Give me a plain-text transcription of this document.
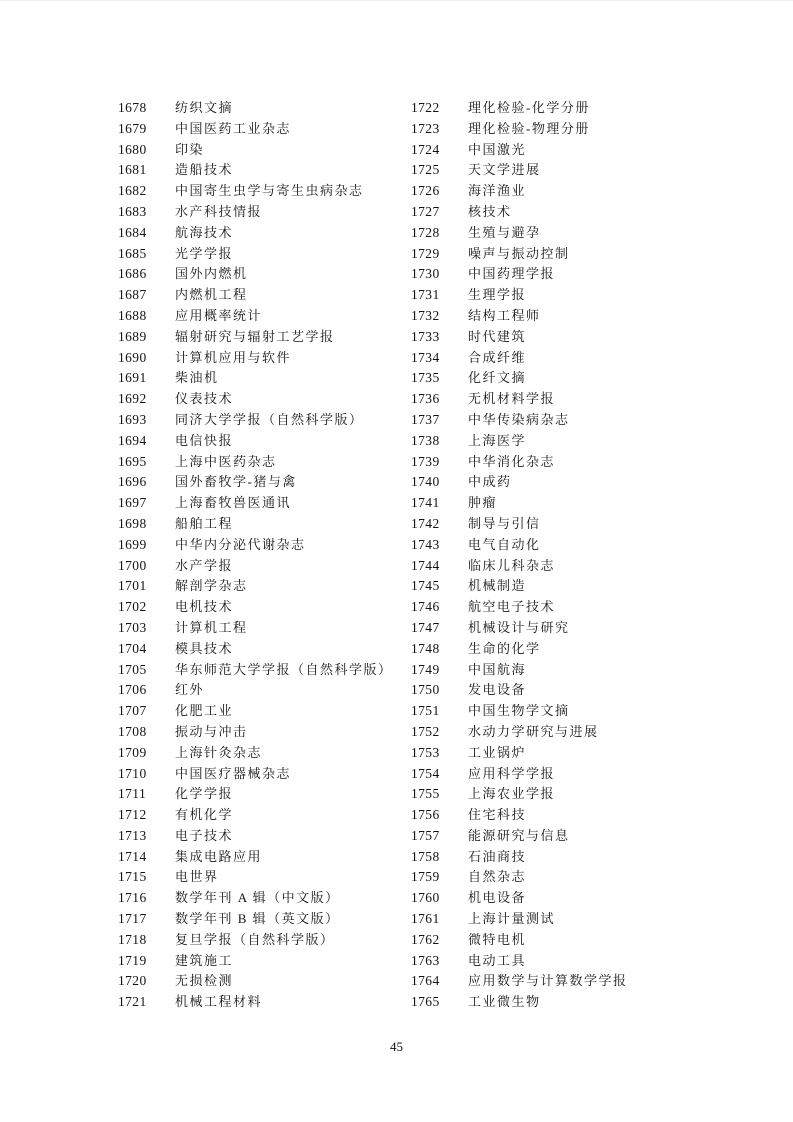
1678	纺织文摘
1679	中国医药工业杂志
1680	印染
1681	造船技术
1682	中国寄生虫学与寄生虫病杂志
1683	水产科技情报
1684	航海技术
1685	光学学报
1686	国外内燃机
1687	内燃机工程
1688	应用概率统计
1689	辐射研究与辐射工艺学报
1690	计算机应用与软件
1691	柴油机
1692	仪表技术
1693	同济大学学报（自然科学版）
1694	电信快报
1695	上海中医药杂志
1696	国外畜牧学-猪与禽
1697	上海畜牧兽医通讯
1698	船舶工程
1699	中华内分泌代谢杂志
1700	水产学报
1701	解剖学杂志
1702	电机技术
1703	计算机工程
1704	模具技术
1705	华东师范大学学报（自然科学版）
1706	红外
1707	化肥工业
1708	振动与冲击
1709	上海针灸杂志
1710	中国医疗器械杂志
1711	化学学报
1712	有机化学
1713	电子技术
1714	集成电路应用
1715	电世界
1716	数学年刊 A 辑（中文版）
1717	数学年刊 B 辑（英文版）
1718	复旦学报（自然科学版）
1719	建筑施工
1720	无损检测
1721	机械工程材料
1722	理化检验-化学分册
1723	理化检验-物理分册
1724	中国激光
1725	天文学进展
1726	海洋渔业
1727	核技术
1728	生殖与避孕
1729	噪声与振动控制
1730	中国药理学报
1731	生理学报
1732	结构工程师
1733	时代建筑
1734	合成纤维
1735	化纤文摘
1736	无机材料学报
1737	中华传染病杂志
1738	上海医学
1739	中华消化杂志
1740	中成药
1741	肿瘤
1742	制导与引信
1743	电气自动化
1744	临床儿科杂志
1745	机械制造
1746	航空电子技术
1747	机械设计与研究
1748	生命的化学
1749	中国航海
1750	发电设备
1751	中国生物学文摘
1752	水动力学研究与进展
1753	工业锅炉
1754	应用科学学报
1755	上海农业学报
1756	住宅科技
1757	能源研究与信息
1758	石油商技
1759	自然杂志
1760	机电设备
1761	上海计量测试
1762	微特电机
1763	电动工具
1764	应用数学与计算数学学报
1765	工业微生物
45
